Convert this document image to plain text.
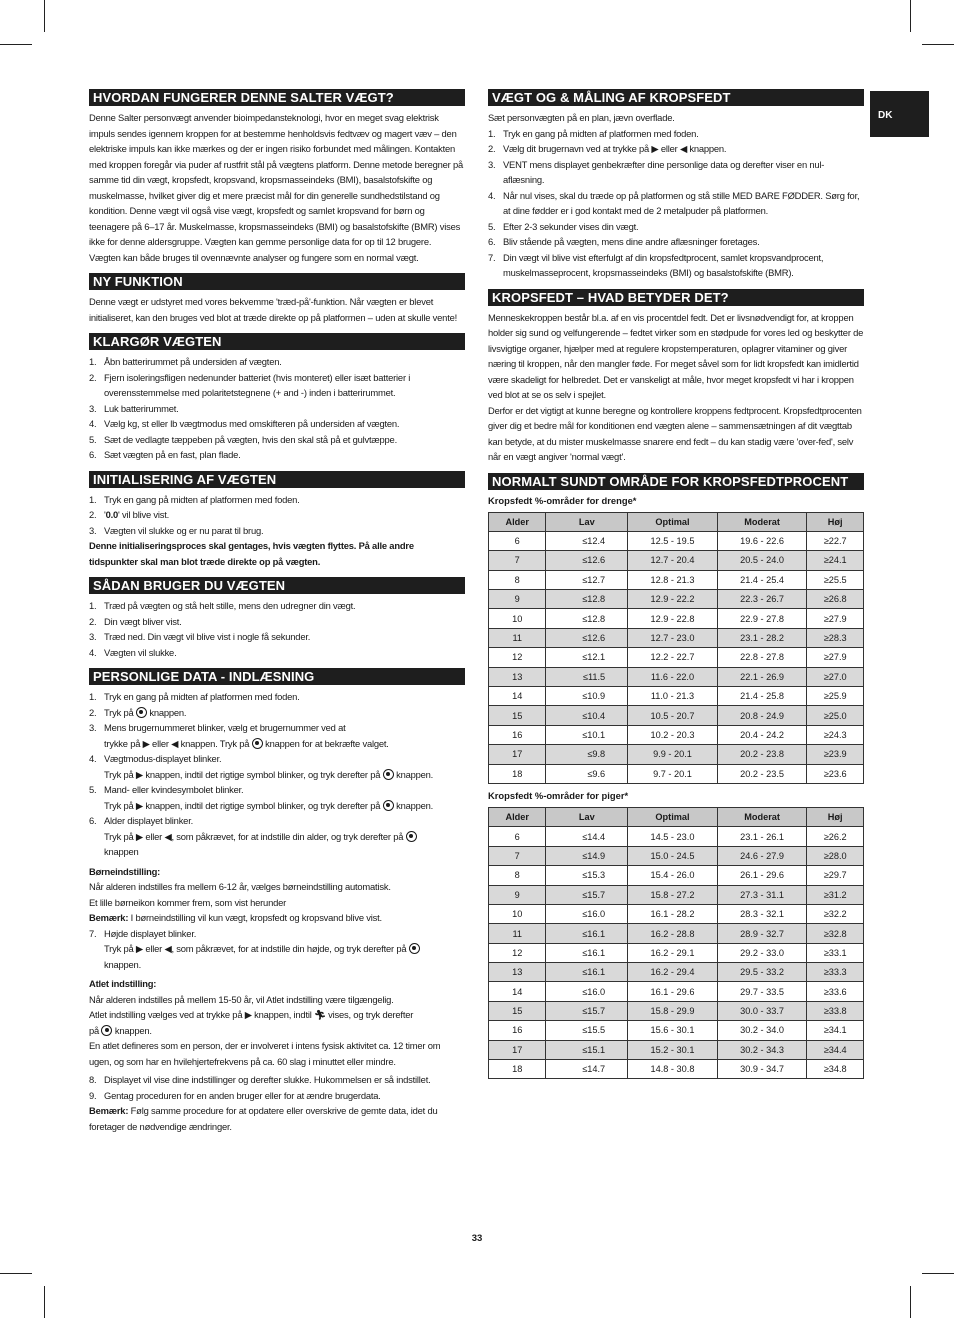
DK
HVORDAN FUNGERER DENNE SALTER VÆGT?
Denne Salter personvægt anvender bioimpedansteknologi, hvor en meget svag elektrisk impuls sendes igennem kroppen for at bestemme henholdsvis fedtvæv og magert væv – den elektriske impuls kan ikke mærkes og der er ingen risiko forbundet med målingen. Kontakten med kroppen foregår via puder af rustfrit stål på vægtens platform. Denne metode beregner på samme tid din vægt, kropsfedt, kropsvand, kropsmasseindeks (BMI), basalstofskifte og muskelmasse, hvilket giver dig et mere præcist mål for din generelle sundhedstilstand og kondition. Denne vægt vil også vise vægt, kropsfedt og samlet kropsvand for børn og teenagere på 6–17 år. Muskelmasse, kropsmasseindeks (BMI) og basalstofskifte (BMR) vises ikke for denne aldersgruppe. Vægten kan gemme personlige data for op til 12 brugere. Vægten kan både bruges til ovennævnte analyser og fungere som en normal vægt.
NY FUNKTION
Denne vægt er udstyret med vores bekvemme 'træd-på'-funktion. Når vægten er blevet initialiseret, kan den bruges ved blot at træde direkte op på platformen – uden at skulle vente!
KLARGØR VÆGTEN
1. Åbn batterirummet på undersiden af vægten.
2. Fjern isoleringsfligen nedenunder batteriet (hvis monteret) eller isæt batterier i overensstemmelse med polaritetstegnene (+ and -) inden i batterirummet.
3. Luk batterirummet.
4. Vælg kg, st eller lb vægtmodus med omskifteren på undersiden af vægten.
5. Sæt de vedlagte tæppeben på vægten, hvis den skal stå på et gulvtæppe.
6. Sæt vægten på en fast, plan flade.
INITIALISERING AF VÆGTEN
1. Tryk en gang på midten af platformen med foden.
2. '0.0' vil blive vist.
3. Vægten vil slukke og er nu parat til brug.
Denne initialiseringsproces skal gentages, hvis vægten flyttes. På alle andre tidspunkter skal man blot træde direkte op på vægten.
SÅDAN BRUGER DU VÆGTEN
1. Træd på vægten og stå helt stille, mens den udregner din vægt.
2. Din vægt bliver vist.
3. Træd ned. Din vægt vil blive vist i nogle få sekunder.
4. Vægten vil slukke.
PERSONLIGE DATA - INDLÆSNING
1. Tryk en gang på midten af platformen med foden.
2. Tryk på knappen.
3. Mens brugernummeret blinker, vælg et brugernummer ved at
trykke på ▶ eller ◀ knappen. Tryk på knappen for at bekræfte valget.
4. Vægtmodus-displayet blinker.
Tryk på ▶ knappen, indtil det rigtige symbol blinker, og tryk derefter på knappen.
5. Mand- eller kvindesymbolet blinker.
Tryk på ▶ knappen, indtil det rigtige symbol blinker, og tryk derefter på knappen.
6. Alder displayet blinker.
Tryk på ▶ eller ◀, som påkrævet, for at indstille din alder, og tryk derefter på
knappen
Børneindstilling:
Når alderen indstilles fra mellem 6-12 år, vælges børneindstilling automatisk.
Et lille børneikon kommer frem, som vist herunder
Bemærk: I børneindstilling vil kun vægt, kropsfedt og kropsvand blive vist.
7. Højde displayet blinker.
Tryk på ▶ eller ◀, som påkrævet, for at indstille din højde, og tryk derefter på
knappen.
Atlet indstilling:
Når alderen indstilles på mellem 15-50 år, vil Atlet indstilling være tilgængelig.
Atlet indstilling vælges ved at trykke på ▶ knappen, indtil 🏃︎ vises, og tryk derefter
på knappen.
En atlet defineres som en person, der er involveret i intens fysisk aktivitet ca. 12 timer om ugen, og som har en hvilehjertefrekvens på ca. 60 slag i minuttet eller mindre.
8. Displayet vil vise dine indstillinger og derefter slukke. Hukommelsen er så indstillet.
9. Gentag proceduren for en anden bruger eller for at ændre brugerdata.
Bemærk: Følg samme procedure for at opdatere eller overskrive de gemte data, idet du foretager de nødvendige ændringer.
VÆGT OG & MÅLING AF KROPSFEDT
Sæt personvægten på en plan, jævn overflade.
1. Tryk en gang på midten af platformen med foden.
2. Vælg dit brugernavn ved at trykke på ▶ eller ◀ knappen.
3. VENT mens displayet genbekræfter dine personlige data og derefter viser en nul-aflæsning.
4. Når nul vises, skal du træde op på platformen og stå stille MED BARE FØDDER. Sørg for, at dine fødder er i god kontakt med de 2 metalpuder på platformen.
5. Efter 2-3 sekunder vises din vægt.
6. Bliv stående på vægten, mens dine andre aflæsninger foretages.
7. Din vægt vil blive vist efterfulgt af din kropsfedtprocent, samlet kropsvandprocent, muskelmasseprocent, kropsmasseindeks (BMI) og basalstofskifte (BMR).
KROPSFEDT – HVAD BETYDER DET?
Menneskekroppen består bl.a. af en vis procentdel fedt. Det er livsnødvendigt for, at kroppen holder sig sund og velfungerende – fedtet virker som en stødpude for vores led og beskytter de livsvigtige organer, hjælper med at regulere kropstemperaturen, oplagrer vitaminer og giver næring til kroppen, når den mangler føde. For meget såvel som for lidt kropsfedt kan imidlertid være skadeligt for helbredet. Det er vanskeligt at måle, hvor meget kropsfedt vi har i kroppen ved blot at se os selv i spejlet.
Derfor er det vigtigt at kunne beregne og kontrollere kroppens fedtprocent. Kropsfedtprocenten giver dig et bedre mål for konditionen end vægten alene – sammensætningen af dit vægttab kan betyde, at du mister muskelmasse snarere end fedt – du kan stadig være 'over-fed', selv når en vægt angiver 'normal vægt'.
NORMALT SUNDT OMRÅDE FOR KROPSFEDTPROCENT
Kropsfedt %-områder for drenge*
Alder	Lav	Optimal	Moderat	Høj
6	≤12.4	12.5 - 19.5	19.6 - 22.6	≥22.7
7	≤12.6	12.7 - 20.4	20.5 - 24.0	≥24.1
8	≤12.7	12.8 - 21.3	21.4 - 25.4	≥25.5
9	≤12.8	12.9 - 22.2	22.3 - 26.7	≥26.8
10	≤12.8	12.9 - 22.8	22.9 - 27.8	≥27.9
11	≤12.6	12.7 - 23.0	23.1 - 28.2	≥28.3
12	≤12.1	12.2 - 22.7	22.8 - 27.8	≥27.9
13	≤11.5	11.6 - 22.0	22.1 - 26.9	≥27.0
14	≤10.9	11.0 - 21.3	21.4 - 25.8	≥25.9
15	≤10.4	10.5 - 20.7	20.8 - 24.9	≥25.0
16	≤10.1	10.2 - 20.3	20.4 - 24.2	≥24.3
17	≤9.8	9.9 - 20.1	20.2 - 23.8	≥23.9
18	≤9.6	9.7 - 20.1	20.2 - 23.5	≥23.6
Kropsfedt %-områder for piger*
Alder	Lav	Optimal	Moderat	Høj
6	≤14.4	14.5 - 23.0	23.1 - 26.1	≥26.2
7	≤14.9	15.0 - 24.5	24.6 - 27.9	≥28.0
8	≤15.3	15.4 - 26.0	26.1 - 29.6	≥29.7
9	≤15.7	15.8 - 27.2	27.3 - 31.1	≥31.2
10	≤16.0	16.1 - 28.2	28.3 - 32.1	≥32.2
11	≤16.1	16.2 - 28.8	28.9 - 32.7	≥32.8
12	≤16.1	16.2 - 29.1	29.2 - 33.0	≥33.1
13	≤16.1	16.2 - 29.4	29.5 - 33.2	≥33.3
14	≤16.0	16.1 - 29.6	29.7 - 33.5	≥33.6
15	≤15.7	15.8 - 29.9	30.0 - 33.7	≥33.8
16	≤15.5	15.6 - 30.1	30.2 - 34.0	≥34.1
17	≤15.1	15.2 - 30.1	30.2 - 34.3	≥34.4
18	≤14.7	14.8 - 30.8	30.9 - 34.7	≥34.8
33
